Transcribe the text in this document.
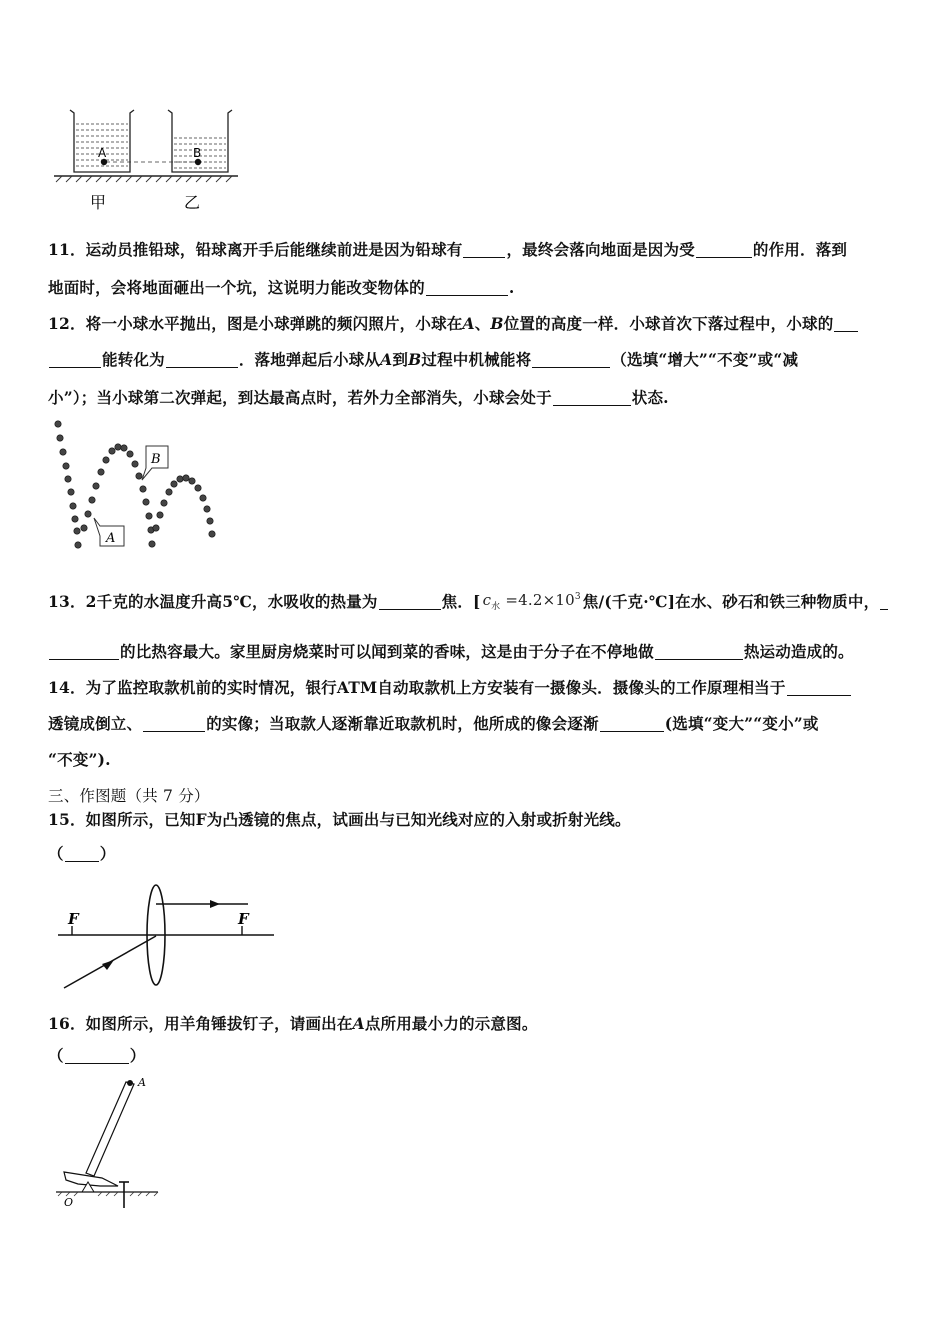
A	B
甲	乙
11．运动员推铅球，铅球离开手后能继续前进是因为铅球有	，最终会落向地面是因为受	的作用．落到
地面时，会将地面砸出一个坑，这说明力能改变物体的	.
12．将一小球水平抛出，图是小球弹跳的频闪照片，小球在A、B位置的高度一样．小球首次下落过程中，小球的
能转化为	．落地弹起后小球从A到B过程中机械能将	（选填“增大”“不变”或“减
小”）；当小球第二次弹起，到达最高点时，若外力全部消失，小球会处于	状态.
A
B
13．2千克的水温度升高5℃，水吸收的热量为	焦．[ $c_水 =4.2\times 10^3$ 焦/(千克·℃]在水、砂石和铁三种物质中，
的比热容最大。家里厨房烧菜时可以闻到菜的香味，这是由于分子在不停地做	热运动造成的。
14．为了监控取款机前的实时情况，银行ATM自动取款机上方安装有一摄像头．摄像头的工作原理相当于
透镜成倒立、	的实像；当取款人逐渐靠近取款机时，他所成的像会逐渐	(选填“变大”“变小”或
“不变”).
三、作图题（共 7 分）
15．如图所示，已知F为凸透镜的焦点，试画出与已知光线对应的入射或折射光线。
（ ）
F	F
16．如图所示，用羊角锤拔钉子，请画出在A点所用最小力的示意图。
（	）
A
O
